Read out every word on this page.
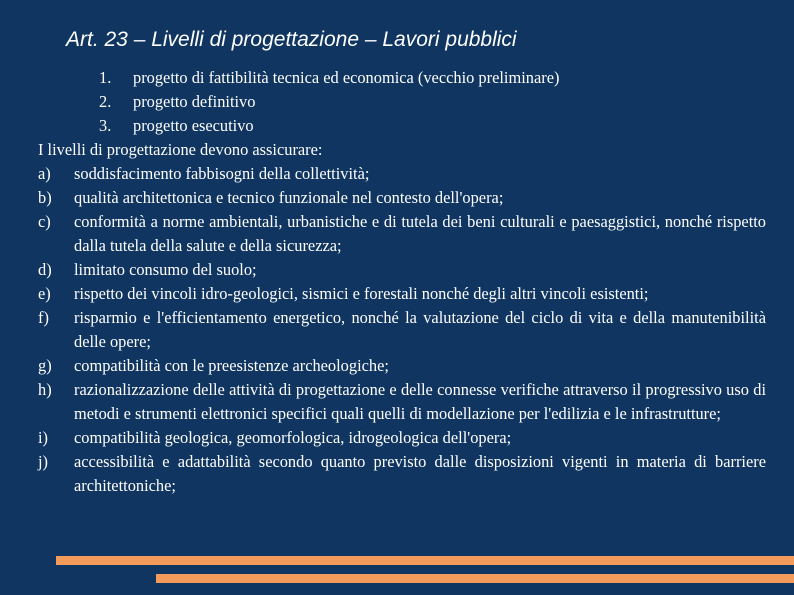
Art. 23 – Livelli di progettazione – Lavori pubblici
1.	progetto di fattibilità tecnica ed economica (vecchio preliminare)
2.	progetto definitivo
3.	progetto esecutivo

I livelli di progettazione devono assicurare:

a)	soddisfacimento fabbisogni della collettività;
b)	qualità architettonica e tecnico funzionale nel contesto dell'opera;
c)	conformità a norme ambientali, urbanistiche e di tutela dei beni culturali e paesaggistici, nonché rispetto dalla tutela della salute e della sicurezza;
d)	limitato consumo del suolo;
e)	rispetto dei vincoli idro-geologici, sismici e forestali nonché degli altri vincoli esistenti;
f)	risparmio e l'efficientamento energetico, nonché la valutazione del ciclo di vita e della manutenibilità delle opere;
g)	compatibilità con le preesistenze archeologiche;
h)	razionalizzazione delle attività di progettazione e delle connesse verifiche attraverso il progressivo uso di metodi e strumenti elettronici specifici quali quelli di modellazione per l'edilizia e le infrastrutture;
i)	compatibilità geologica, geomorfologica, idrogeologica dell'opera;
j)	accessibilità e adattabilità secondo quanto previsto dalle disposizioni vigenti in materia di barriere architettoniche;
